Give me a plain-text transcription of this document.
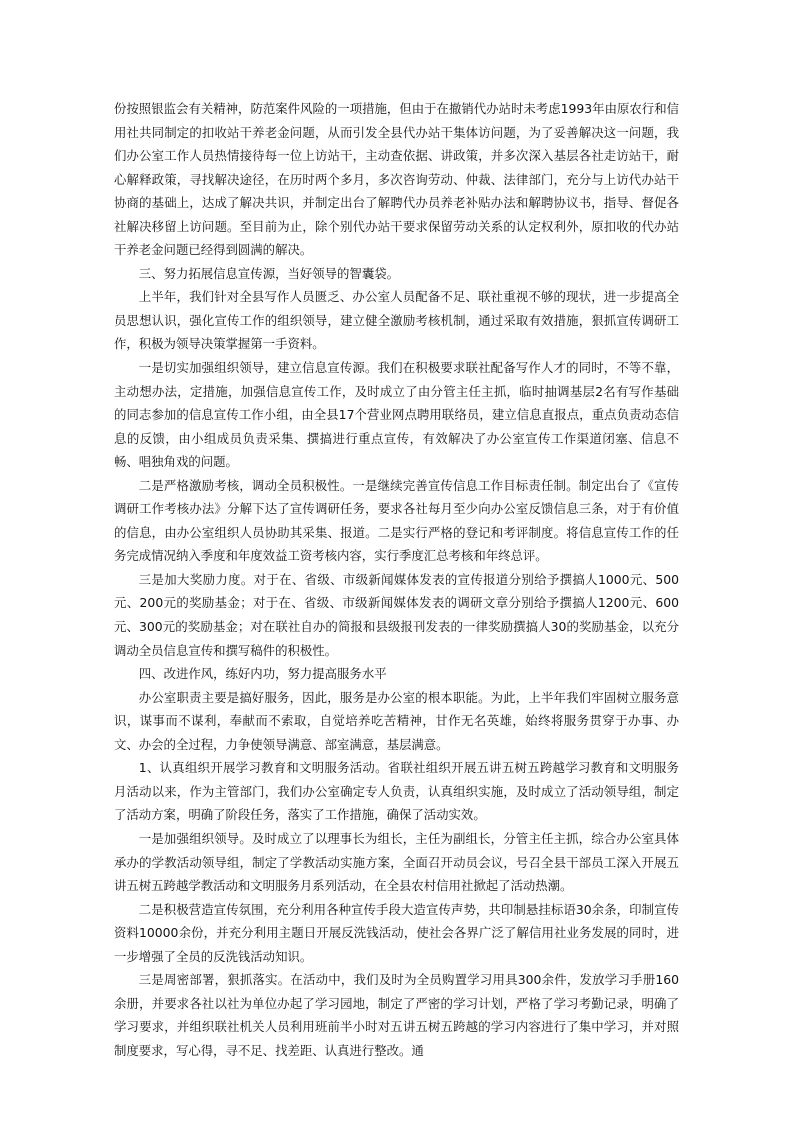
份按照银监会有关精神，防范案件风险的一项措施，但由于在撤销代办站时未考虑1993年由原农行和信用社共同制定的扣收站干养老金问题，从而引发全县代办站干集体访问题，为了妥善解决这一问题，我们办公室工作人员热情接待每一位上访站干，主动查依据、讲政策，并多次深入基层各社走访站干，耐心解释政策，寻找解决途径，在历时两个多月，多次咨询劳动、仲裁、法律部门，充分与上访代办站干协商的基础上，达成了解决共识，并制定出台了解聘代办员养老补贴办法和解聘协议书，指导、督促各社解决移留上访问题。至目前为止，除个别代办站干要求保留劳动关系的认定权利外，原扣收的代办站干养老金问题已经得到圆满的解决。

三、努力拓展信息宣传源，当好领导的智囊袋。

上半年，我们针对全县写作人员匮乏、办公室人员配备不足、联社重视不够的现状，进一步提高全员思想认识，强化宣传工作的组织领导，建立健全激励考核机制，通过采取有效措施，狠抓宣传调研工作，积极为领导决策掌握第一手资料。

一是切实加强组织领导，建立信息宣传源。我们在积极要求联社配备写作人才的同时，不等不靠，主动想办法，定措施，加强信息宣传工作，及时成立了由分管主任主抓，临时抽调基层2名有写作基础的同志参加的信息宣传工作小组，由全县17个营业网点聘用联络员，建立信息直报点，重点负责动态信息的反馈，由小组成员负责采集、撰搞进行重点宣传，有效解决了办公室宣传工作渠道闭塞、信息不畅、唱独角戏的问题。

二是严格激励考核，调动全员积极性。一是继续完善宣传信息工作目标责任制。制定出台了《宣传调研工作考核办法》分解下达了宣传调研任务，要求各社每月至少向办公室反馈信息三条，对于有价值的信息，由办公室组织人员协助其采集、报道。二是实行严格的登记和考评制度。将信息宣传工作的任务完成情况纳入季度和年度效益工资考核内容，实行季度汇总考核和年终总评。

三是加大奖励力度。对于在、省级、市级新闻媒体发表的宣传报道分别给予撰搞人1000元、500元、200元的奖励基金；对于在、省级、市级新闻媒体发表的调研文章分别给予撰搞人1200元、600元、300元的奖励基金；对在联社自办的简报和县级报刊发表的一律奖励撰搞人30的奖励基金，以充分调动全员信息宣传和撰写稿件的积极性。

四、改进作风，练好内功，努力提高服务水平

办公室职责主要是搞好服务，因此，服务是办公室的根本职能。为此，上半年我们牢固树立服务意识，谋事而不谋利，奉献而不索取，自觉培养吃苦精神，甘作无名英雄，始终将服务贯穿于办事、办文、办会的全过程，力争使领导满意、部室满意，基层满意。

1、认真组织开展学习教育和文明服务活动。省联社组织开展五讲五树五跨越学习教育和文明服务月活动以来，作为主管部门，我们办公室确定专人负责，认真组织实施，及时成立了活动领导组，制定了活动方案，明确了阶段任务，落实了工作措施，确保了活动实效。

一是加强组织领导。及时成立了以理事长为组长，主任为副组长，分管主任主抓，综合办公室具体承办的学教活动领导组，制定了学教活动实施方案，全面召开动员会议，号召全县干部员工深入开展五讲五树五跨越学教活动和文明服务月系列活动，在全县农村信用社掀起了活动热潮。

二是积极营造宣传氛围，充分利用各种宣传手段大造宣传声势，共印制悬挂标语30余条，印制宣传资料10000余份，并充分利用主题日开展反洗钱活动，使社会各界广泛了解信用社业务发展的同时，进一步增强了全员的反洗钱活动知识。

三是周密部署，狠抓落实。在活动中，我们及时为全员购置学习用具300余件，发放学习手册160余册，并要求各社以社为单位办起了学习园地，制定了严密的学习计划，严格了学习考勤记录，明确了学习要求，并组织联社机关人员利用班前半小时对五讲五树五跨越的学习内容进行了集中学习，并对照制度要求，写心得，寻不足、找差距、认真进行整改。通
